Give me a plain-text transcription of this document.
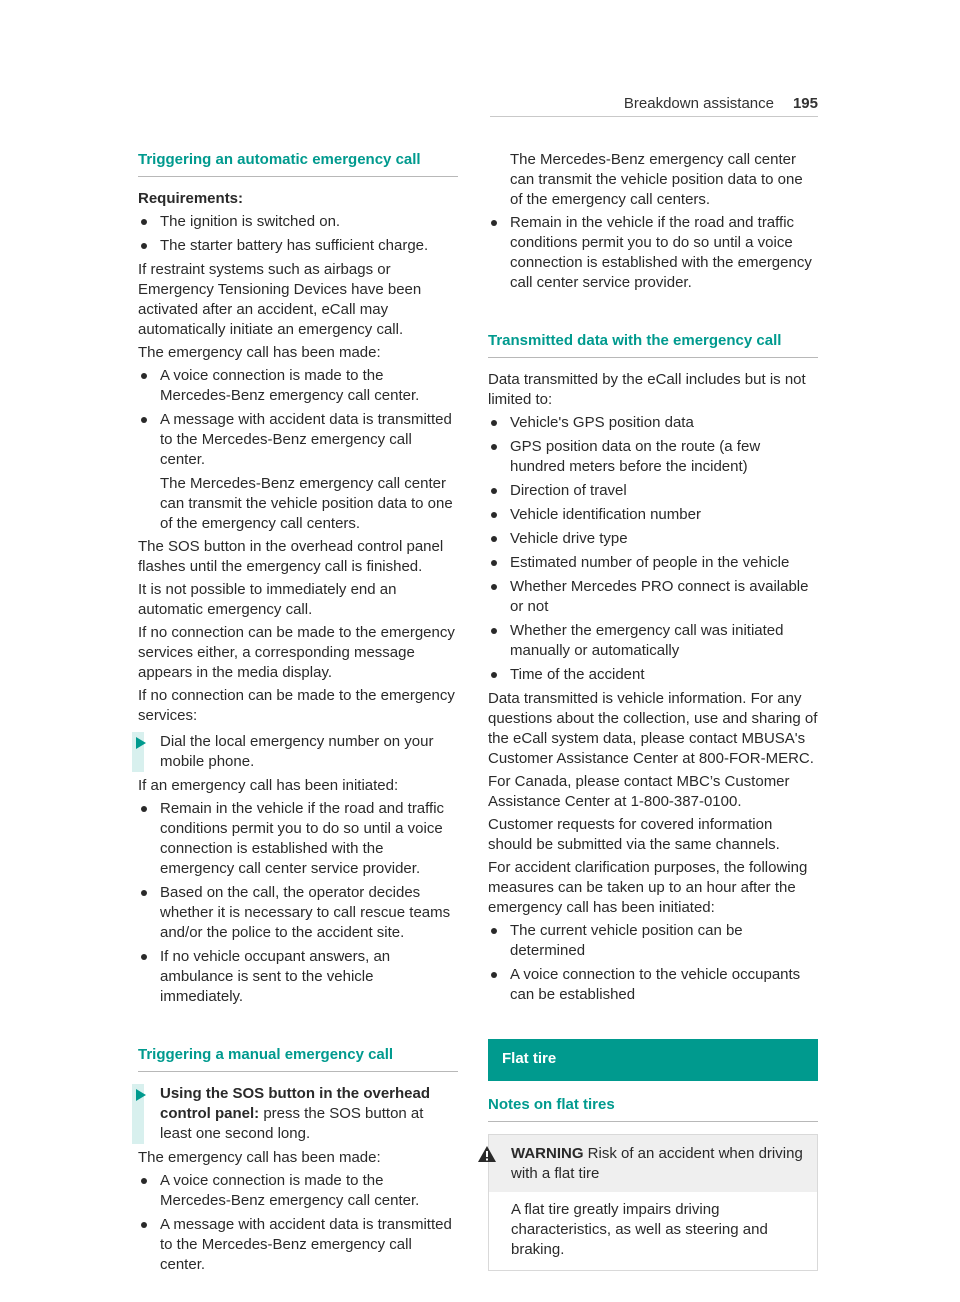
Breakdown assistance 195
Triggering an automatic emergency call

Requirements:

The ignition is switched on.
The starter battery has sufficient charge.

If restraint systems such as airbags or Emergency Tensioning Devices have been activated after an accident, eCall may automatically initiate an emergency call.

The emergency call has been made:

A voice connection is made to the Mercedes-Benz emergency call center.
A message with accident data is transmitted to the Mercedes-Benz emergency call center.

The Mercedes-Benz emergency call center can transmit the vehicle position data to one of the emergency call centers.

The SOS button in the overhead control panel flashes until the emergency call is finished.

It is not possible to immediately end an automatic emergency call.

If no connection can be made to the emergency services either, a corresponding message appears in the media display.

If no connection can be made to the emergency services:

Dial the local emergency number on your mobile phone.

If an emergency call has been initiated:

Remain in the vehicle if the road and traffic conditions permit you to do so until a voice connection is established with the emergency call center service provider.
Based on the call, the operator decides whether it is necessary to call rescue teams and/or the police to the accident site.
If no vehicle occupant answers, an ambulance is sent to the vehicle immediately.
Triggering a manual emergency call
Using the SOS button in the overhead control panel: press the SOS button at least one second long.

The emergency call has been made:

A voice connection is made to the Mercedes-Benz emergency call center.
A message with accident data is transmitted to the Mercedes-Benz emergency call center.

The Mercedes-Benz emergency call center can transmit the vehicle position data to one of the emergency call centers.

Remain in the vehicle if the road and traffic conditions permit you to do so until a voice connection is established with the emergency call center service provider.
Transmitted data with the emergency call

Data transmitted by the eCall includes but is not limited to:

Vehicle's GPS position data
GPS position data on the route (a few hundred meters before the incident)
Direction of travel
Vehicle identification number
Vehicle drive type
Estimated number of people in the vehicle
Whether Mercedes PRO connect is available or not
Whether the emergency call was initiated manually or automatically
Time of the accident

Data transmitted is vehicle information. For any questions about the collection, use and sharing of the eCall system data, please contact MBUSA's Customer Assistance Center at 800-FOR-MERC.

For Canada, please contact MBC’s Customer Assistance Center at 1-800-387-0100.

Customer requests for covered information should be submitted via the same channels.

For accident clarification purposes, the following measures can be taken up to an hour after the emergency call has been initiated:

The current vehicle position can be determined
A voice connection to the vehicle occupants can be established
Flat tire
Notes on flat tires
WARNING Risk of an accident when driving with a flat tire
A flat tire greatly impairs driving characteristics, as well as steering and braking.
